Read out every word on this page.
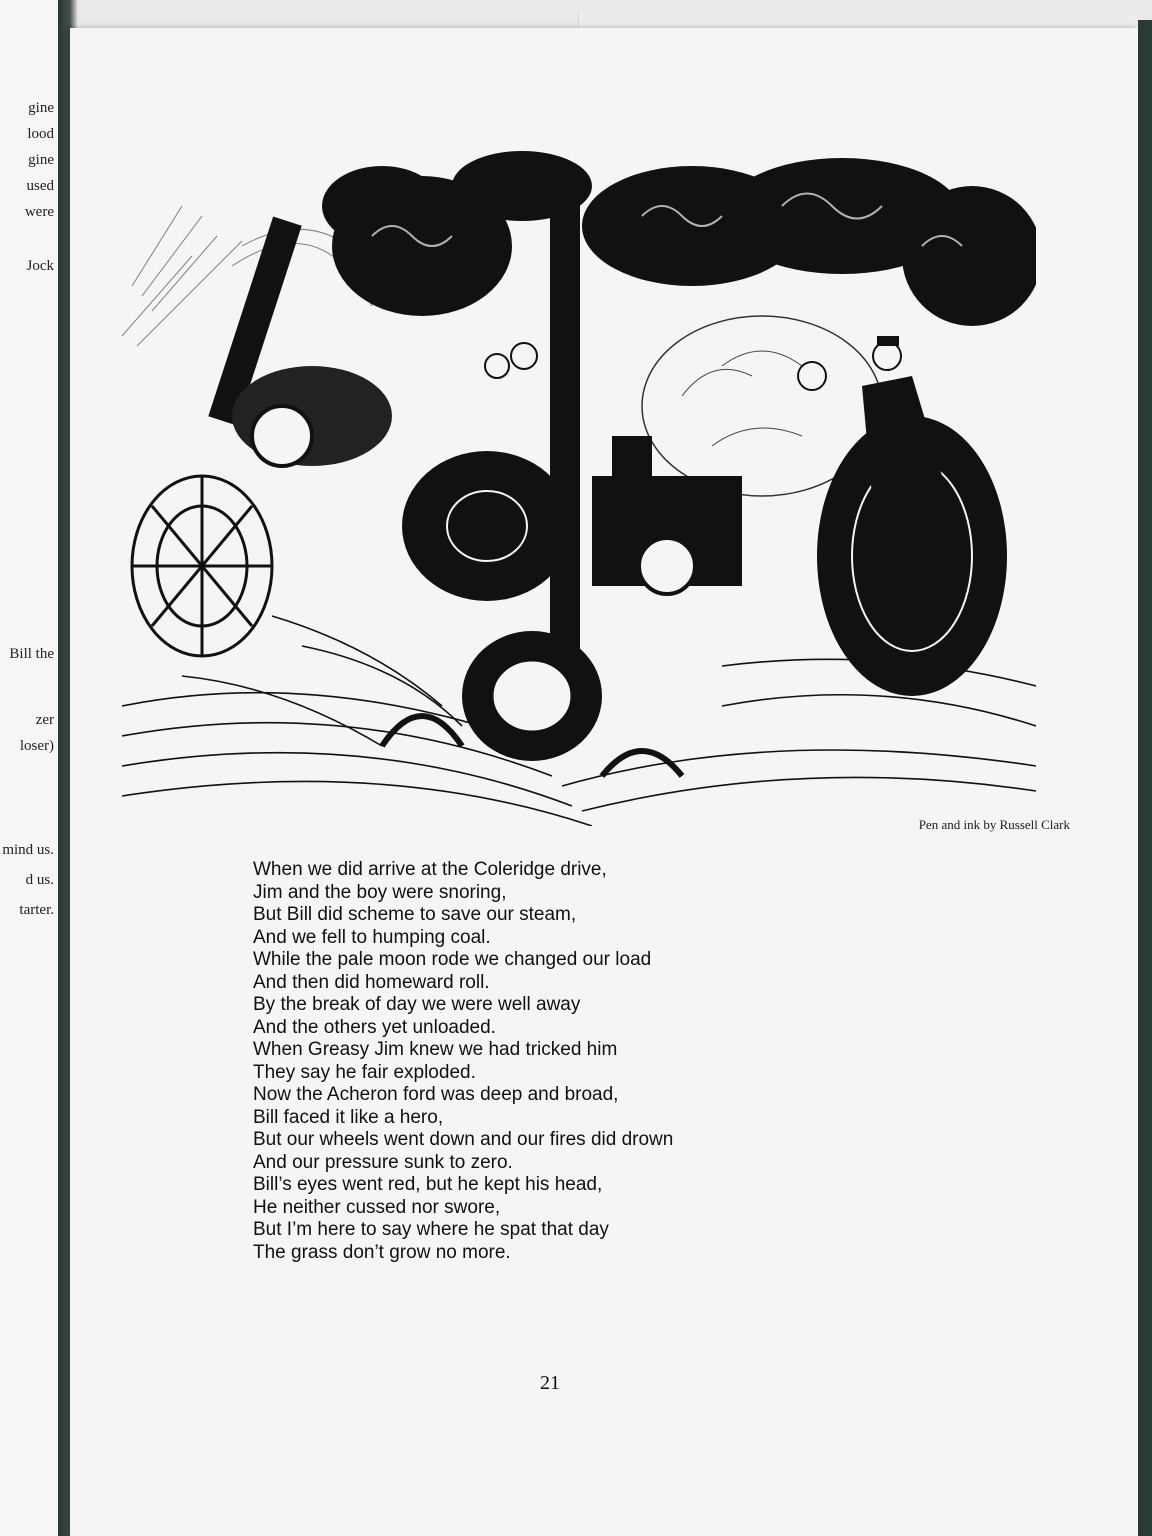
gine
lood
gine
used
were
Jock
Bill the
zer
loser)
mind us.
d us.
tarter.
Pen and ink by Russell Clark
When we did arrive at the Coleridge drive,
Jim and the boy were snoring,
But Bill did scheme to save our steam,
And we fell to humping coal.
While the pale moon rode we changed our load
And then did homeward roll.
By the break of day we were well away
And the others yet unloaded.
When Greasy Jim knew we had tricked him
They say he fair exploded.
Now the Acheron ford was deep and broad,
Bill faced it like a hero,
But our wheels went down and our fires did drown
And our pressure sunk to zero.
Bill’s eyes went red, but he kept his head,
He neither cussed nor swore,
But I’m here to say where he spat that day
The grass don’t grow no more.
21
